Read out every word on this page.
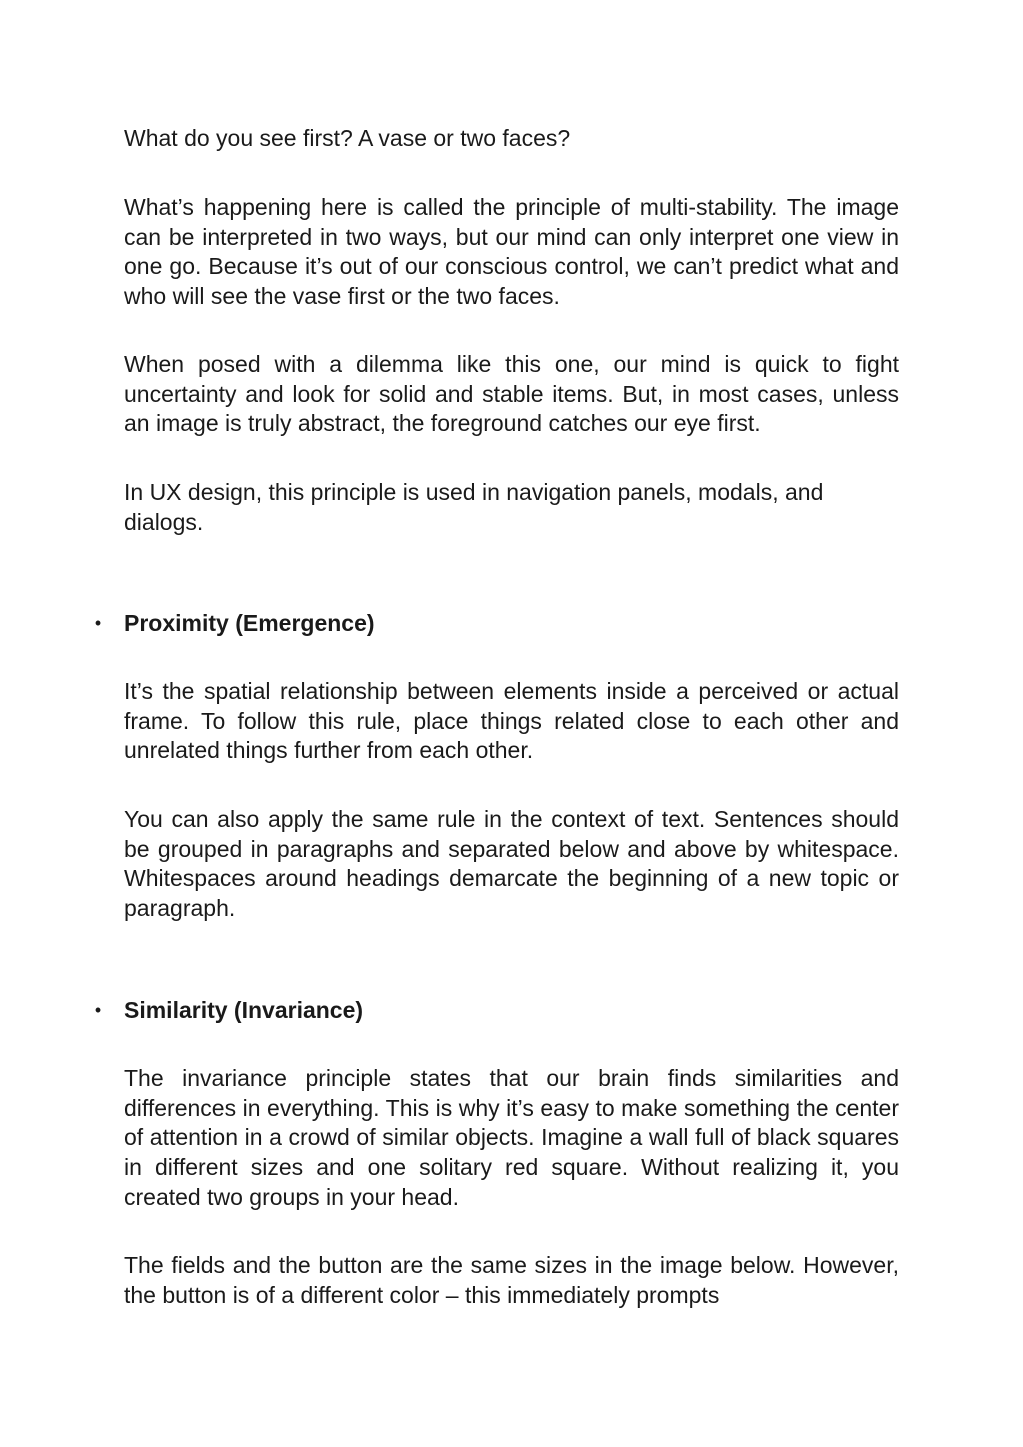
What do you see first? A vase or two faces?

What’s happening here is called the principle of multi-stability. The image can be interpreted in two ways, but our mind can only interpret one view in one go. Because it’s out of our conscious control, we can’t predict what and who will see the vase first or the two faces.

When posed with a dilemma like this one, our mind is quick to fight uncertainty and look for solid and stable items. But, in most cases, unless an image is truly abstract, the foreground catches our eye first.

In UX design, this principle is used in navigation panels, modals, and dialogs.

• Proximity (Emergence)

It’s the spatial relationship between elements inside a perceived or actual frame. To follow this rule, place things related close to each other and unrelated things further from each other.

You can also apply the same rule in the context of text. Sentences should be grouped in paragraphs and separated below and above by whitespace. Whitespaces around headings demarcate the beginning of a new topic or paragraph.

• Similarity (Invariance)

The invariance principle states that our brain finds similarities and differences in everything. This is why it’s easy to make something the center of attention in a crowd of similar objects. Imagine a wall full of black squares in different sizes and one solitary red square. Without realizing it, you created two groups in your head.

The fields and the button are the same sizes in the image below. However, the button is of a different color – this immediately prompts
